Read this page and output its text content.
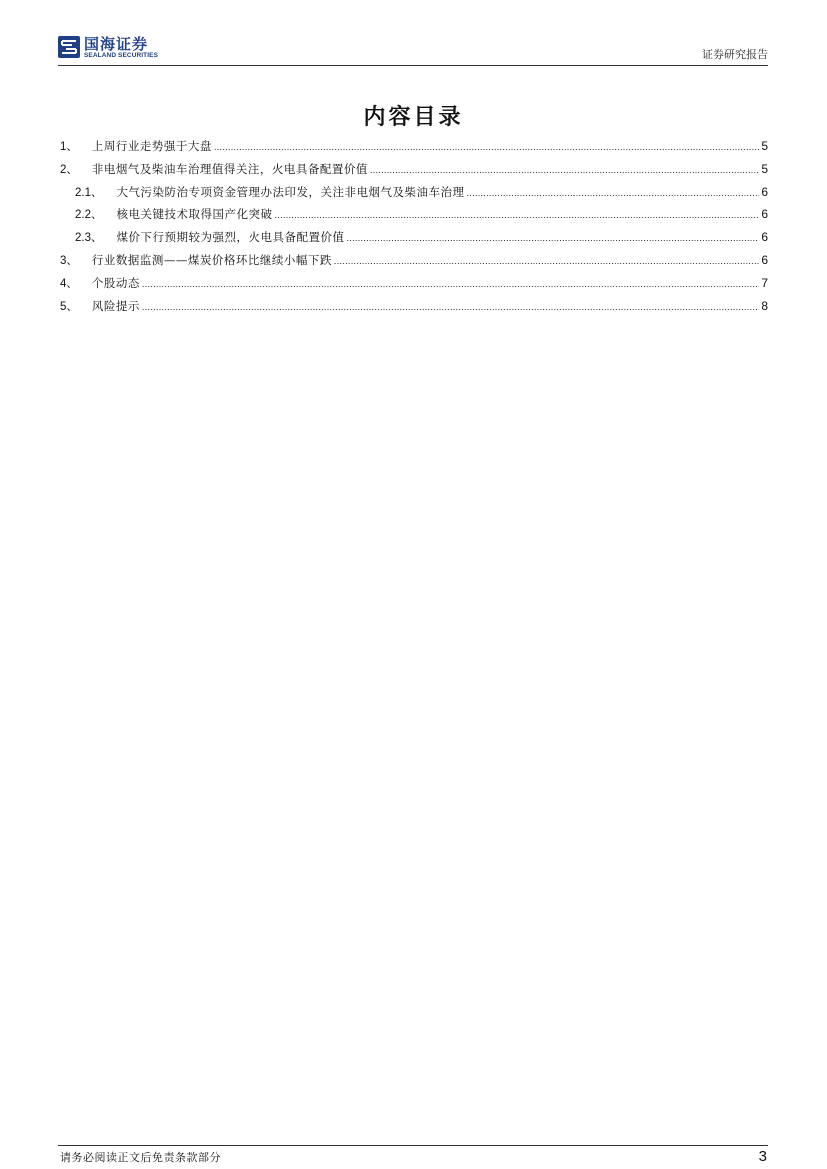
国海证券
SEALAND SECURITIES	证券研究报告
内容目录
1、 上周行业走势强于大盘 .....	5
2、 非电烟气及柴油车治理值得关注，火电具备配置价值 .....	5
2.1、 大气污染防治专项资金管理办法印发，关注非电烟气及柴油车治理 .....	6
2.2、 核电关键技术取得国产化突破 .....	6
2.3、 煤价下行预期较为强烈，火电具备配置价值 .....	6
3、 行业数据监测——煤炭价格环比继续小幅下跌 .....	6
4、 个股动态 .....	7
5、 风险提示 .....	8
请务必阅读正文后免责条款部分	3
